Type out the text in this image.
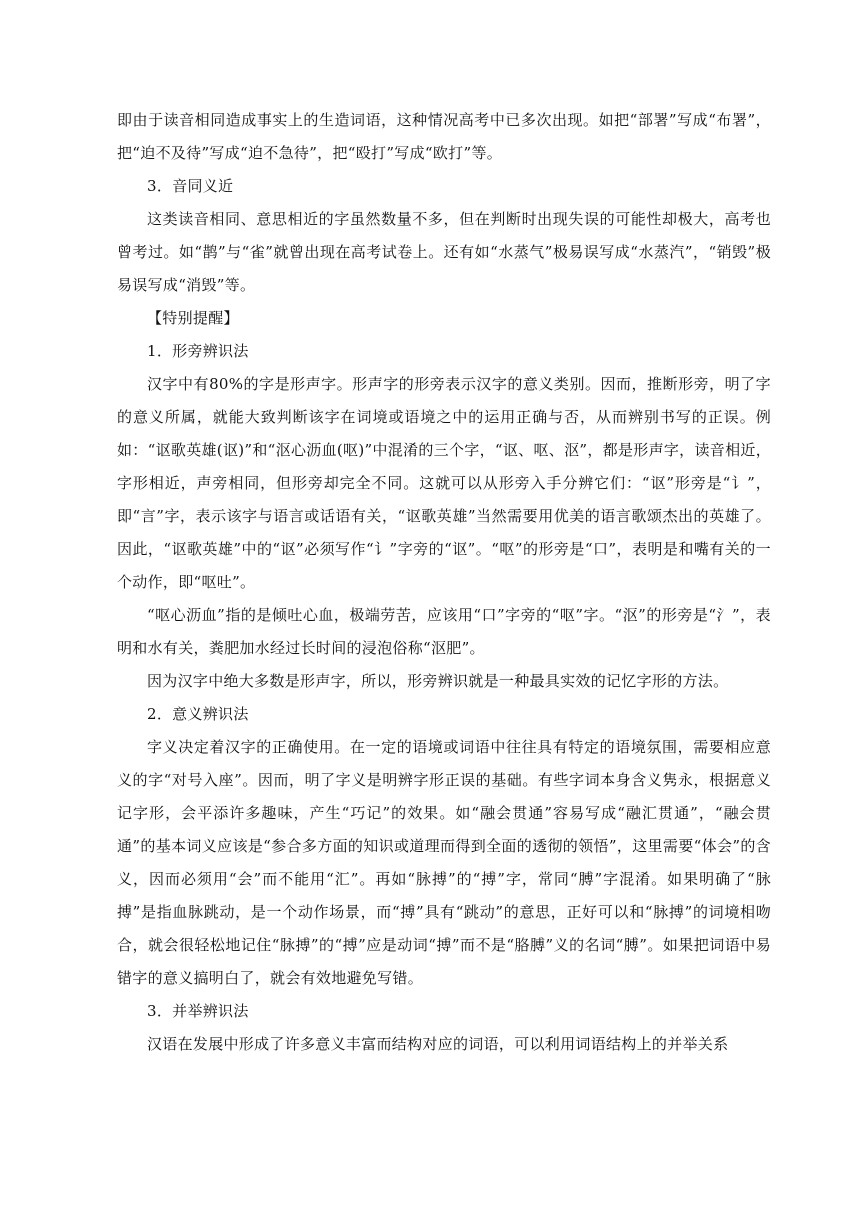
即由于读音相同造成事实上的生造词语，这种情况高考中已多次出现。如把“部署”写成“布署”，把“迫不及待”写成“迫不急待”，把“殴打”写成“欧打”等。

3．音同义近

这类读音相同、意思相近的字虽然数量不多，但在判断时出现失误的可能性却极大，高考也曾考过。如“鹊”与“雀”就曾出现在高考试卷上。还有如“水蒸气”极易误写成“水蒸汽”，“销毁”极易误写成“消毁”等。

【特别提醒】

1．形旁辨识法

汉字中有80%的字是形声字。形声字的形旁表示汉字的意义类别。因而，推断形旁，明了字的意义所属，就能大致判断该字在词境或语境之中的运用正确与否，从而辨别书写的正误。例如：“讴歌英雄(讴)”和“沤心沥血(呕)”中混淆的三个字，“讴、呕、沤”，都是形声字，读音相近，字形相近，声旁相同，但形旁却完全不同。这就可以从形旁入手分辨它们：“讴”形旁是“讠”，即“言”字，表示该字与语言或话语有关，“讴歌英雄”当然需要用优美的语言歌颂杰出的英雄了。因此，“讴歌英雄”中的“讴”必须写作“讠”字旁的“讴”。“呕”的形旁是“口”，表明是和嘴有关的一个动作，即“呕吐”。

“呕心沥血”指的是倾吐心血，极端劳苦，应该用“口”字旁的“呕”字。“沤”的形旁是“氵”，表明和水有关，粪肥加水经过长时间的浸泡俗称“沤肥”。

因为汉字中绝大多数是形声字，所以，形旁辨识就是一种最具实效的记忆字形的方法。

2．意义辨识法

字义决定着汉字的正确使用。在一定的语境或词语中往往具有特定的语境氛围，需要相应意义的字“对号入座”。因而，明了字义是明辨字形正误的基础。有些字词本身含义隽永，根据意义记字形，会平添许多趣味，产生“巧记”的效果。如“融会贯通”容易写成“融汇贯通”，“融会贯通”的基本词义应该是“参合多方面的知识或道理而得到全面的透彻的领悟”，这里需要“体会”的含义，因而必须用“会”而不能用“汇”。再如“脉搏”的“搏”字，常同“膊”字混淆。如果明确了“脉搏”是指血脉跳动，是一个动作场景，而“搏”具有“跳动”的意思，正好可以和“脉搏”的词境相吻合，就会很轻松地记住“脉搏”的“搏”应是动词“搏”而不是“胳膊”义的名词“膊”。如果把词语中易错字的意义搞明白了，就会有效地避免写错。

3．并举辨识法

汉语在发展中形成了许多意义丰富而结构对应的词语，可以利用词语结构上的并举关系
